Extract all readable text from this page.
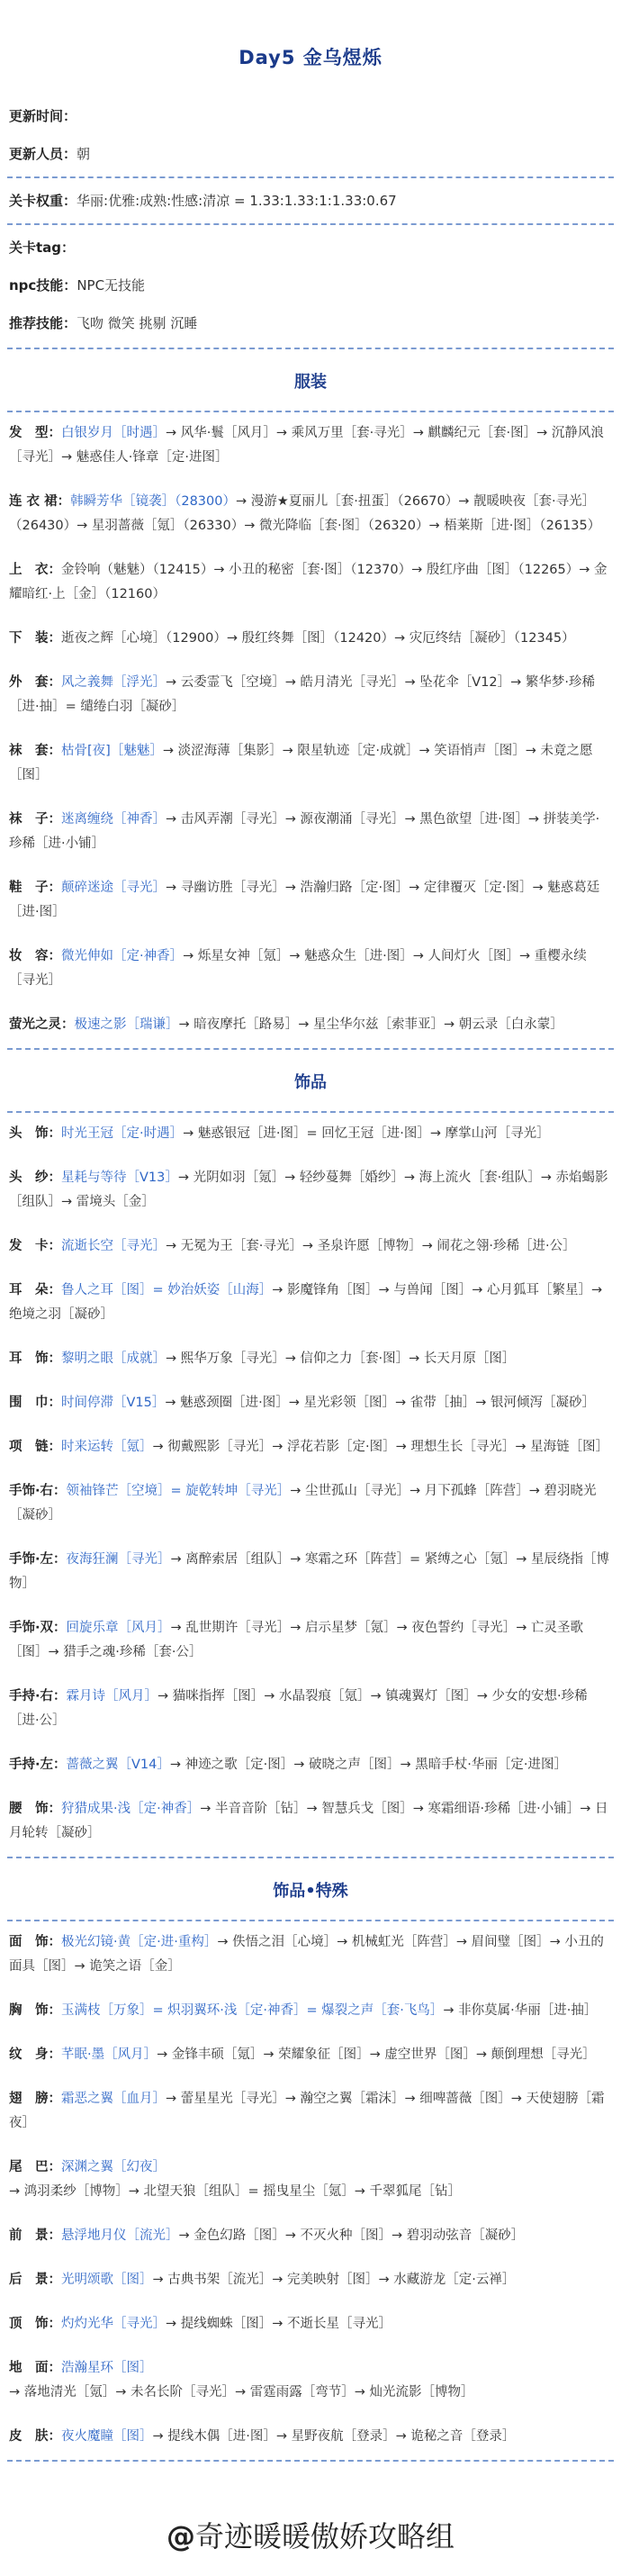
Day5 金乌煜烁
更新时间：
更新人员：朝
关卡权重：华丽:优雅:成熟:性感:清凉 = 1.33:1.33:1:1.33:0.67
关卡tag：
npc技能：NPC无技能
推荐技能：飞吻 微笑 挑剔 沉睡
服装
发　型：白银岁月［时遇］→ 风华·鬟［风月］→ 乘风万里［套·寻光］→ 麒麟纪元［套·图］→ 沉静风浪［寻光］→ 魅惑佳人·锋章［定·进图］
连 衣 裙：韩瞬芳华［镜袭］（28300）→ 漫游★夏丽儿［套·扭蛋］（26670）→ 靓暖映夜［套·寻光］（26430）→ 星羽蔷薇［氪］（26330）→ 微光降临［套·图］（26320）→ 梧莱斯［进·图］（26135）
上　衣：金铃响（魅魅）（12415）→ 小丑的秘密［套·图］（12370）→ 殷红序曲［图］（12265）→ 金耀暗红·上［金］（12160）
下　装：逝夜之辉［心境］（12900）→ 殷红终舞［图］（12420）→ 灾厄终结［凝砂］（12345）
外　套：风之義舞［浮光］→ 云委霊飞［空境］→ 皓月清光［寻光］→ 坠花伞［V12］→ 繁华梦·珍稀［进·抽］= 缱绻白羽［凝砂］
袜　套：枯骨[夜]［魅魅］→ 淡涩海薄［集影］→ 限星轨迹［定·成就］→ 笑语悄声［图］→ 未竟之愿［图］
袜　子：迷离缠绕［神香］→ 击风弄潮［寻光］→ 源夜潮涌［寻光］→ 黑色欲望［进·图］→ 拼装美学·珍稀［进·小铺］
鞋　子：颠碎迷途［寻光］→ 寻幽访胜［寻光］→ 浩瀚归路［定·图］→ 定律覆灭［定·图］→ 魅惑葛廷［进·图］
妆　容：微光伸如［定·神香］→ 烁星女神［氪］→ 魅惑众生［进·图］→ 人间灯火［图］→ 重樱永续［寻光］
萤光之灵：极速之影［瑞谦］→ 暗夜摩托［路易］→ 星尘华尔兹［索菲亚］→ 朝云录［白永蒙］
饰品
头　饰：时光王冠［定·时遇］→ 魅惑银冠［进·图］= 回忆王冠［进·图］→ 摩掌山河［寻光］
头　纱：星耗与等待［V13］→ 光阴如羽［氪］→ 轻纱蔓舞［婚纱］→ 海上流火［套·组队］→ 赤焰蝎影［组队］→ 雷境头［金］
发　卡：流逝长空［寻光］→ 无冕为王［套·寻光］→ 圣泉许愿［博物］→ 闹花之翎·珍稀［进·公］
耳　朵：鲁人之耳［图］= 妙治妖姿［山海］→ 影魔锋角［图］→ 与兽闻［图］→ 心月狐耳［繁星］→ 绝境之羽［凝砂］
耳　饰：黎明之眼［成就］→ 熙华万象［寻光］→ 信仰之力［套·图］→ 长天月原［图］
围　巾：时间停滞［V15］→ 魅惑颈圈［进·图］→ 星光彩领［图］→ 雀带［抽］→ 银河倾泻［凝砂］
项　链：时来运转［氪］→ 彻戴熙影［寻光］→ 浮花若影［定·图］→ 理想生长［寻光］→ 星海链［图］
手饰·右：领袖锋芒［空境］= 旋乾转坤［寻光］→ 尘世孤山［寻光］→ 月下孤蜂［阵营］→ 碧羽晓光［凝砂］
手饰·左：夜海狂澜［寻光］→ 离醉索居［组队］→ 寒霜之环［阵营］= 紧缚之心［氪］→ 星辰绕指［博物］
手饰·双：回旋乐章［风月］→ 乱世期许［寻光］→ 启示星梦［氪］→ 夜色誓约［寻光］→ 亡灵圣歌［图］→ 猎手之魂·珍稀［套·公］
手持·右：霖月诗［风月］→ 猫咪指挥［图］→ 水晶裂痕［氪］→ 镇魂翼灯［图］→ 少女的安想·珍稀［进·公］
手持·左：蔷薇之翼［V14］→ 神迹之歌［定·图］→ 破晓之声［图］→ 黑暗手杖·华丽［定·进图］
腰　饰：狩猎成果·浅［定·神香］→ 半音音阶［钻］→ 智慧兵戈［图］→ 寒霜细语·珍稀［进·小铺］→ 日月轮转［凝砂］
饰品•特殊
面　饰：极光幻镜·黄［定·进·重构］→ 佚悟之泪［心境］→ 机械虹光［阵营］→ 眉间璧［图］→ 小丑的面具［图］→ 诡笑之语［金］
胸　饰：玉满枝［万象］= 炽羽翼环·浅［定·神香］= 爆裂之声［套·飞鸟］→ 非你莫属·华丽［进·抽］
纹　身：芊眠·墨［风月］→ 金锋丰硕［氪］→ 荣耀象征［图］→ 虚空世界［图］→ 颠倒理想［寻光］
翅　膀：霜恶之翼［血月］→ 蕾星星光［寻光］→ 瀚空之翼［霜沫］→ 细啤蔷薇［图］→ 天使翅膀［霜夜］
尾　巴：深渊之翼［幻夜］→ 鸿羽柔纱［博物］→ 北望天狼［组队］= 摇曳星尘［氪］→ 千翠狐尾［钻］
前　景：悬浮地月仪［流光］→ 金色幻路［图］→ 不灭火种［图］→ 碧羽动弦音［凝砂］
后　景：光明颂歌［图］→ 古典书架［流光］→ 完美映射［图］→ 水藏游龙［定·云禅］
顶　饰：灼灼光华［寻光］→ 提线蜘蛛［图］→ 不逝长星［寻光］
地　面：浩瀚星环［图］→ 落地清光［氪］→ 未名长阶［寻光］→ 雷霆雨露［弯节］→ 灿光流影［博物］
皮　肤：夜火魔瞳［图］→ 提线木偶［进·图］→ 星野夜航［登录］→ 诡秘之音［登录］
@奇迹暖暖傲娇攻略组
